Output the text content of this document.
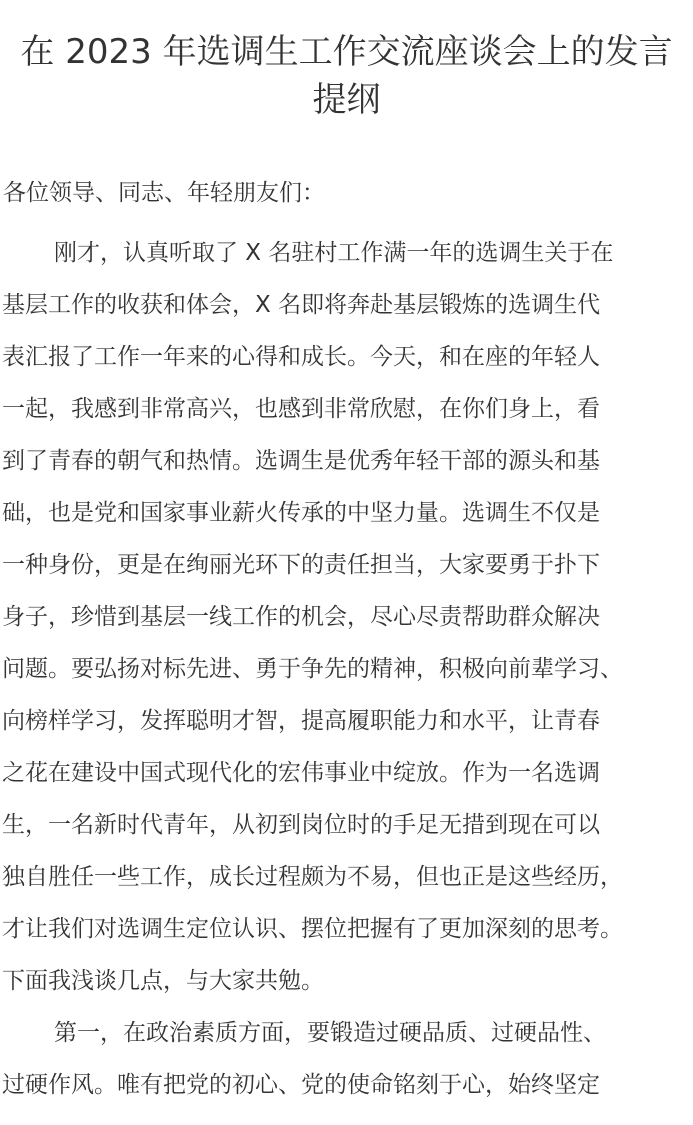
在 2023 年选调生工作交流座谈会上的发言
提纲
各位领导、同志、年轻朋友们：
刚才，认真听取了 X 名驻村工作满一年的选调生关于在
基层工作的收获和体会，X 名即将奔赴基层锻炼的选调生代
表汇报了工作一年来的心得和成长。今天，和在座的年轻人
一起，我感到非常高兴，也感到非常欣慰，在你们身上，看
到了青春的朝气和热情。选调生是优秀年轻干部的源头和基
础，也是党和国家事业薪火传承的中坚力量。选调生不仅是
一种身份，更是在绚丽光环下的责任担当，大家要勇于扑下
身子，珍惜到基层一线工作的机会，尽心尽责帮助群众解决
问题。要弘扬对标先进、勇于争先的精神，积极向前辈学习、
向榜样学习，发挥聪明才智，提高履职能力和水平，让青春
之花在建设中国式现代化的宏伟事业中绽放。作为一名选调
生，一名新时代青年，从初到岗位时的手足无措到现在可以
独自胜任一些工作，成长过程颇为不易，但也正是这些经历，
才让我们对选调生定位认识、摆位把握有了更加深刻的思考。
下面我浅谈几点，与大家共勉。
第一，在政治素质方面，要锻造过硬品质、过硬品性、
过硬作风。唯有把党的初心、党的使命铭刻于心，始终坚定
